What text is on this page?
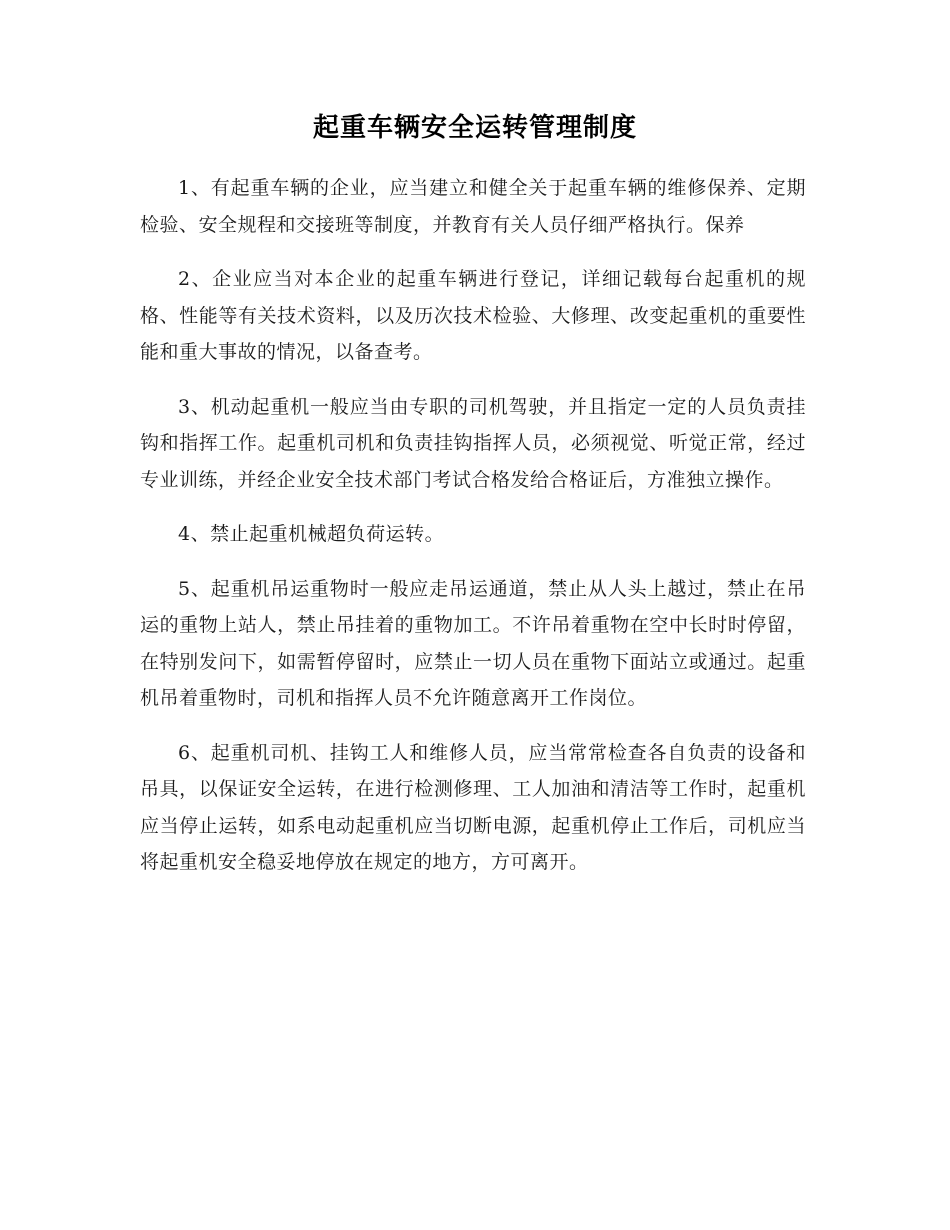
起重车辆安全运转管理制度

1、有起重车辆的企业，应当建立和健全关于起重车辆的维修保养、定期检验、安全规程和交接班等制度，并教育有关人员仔细严格执行。保养

2、企业应当对本企业的起重车辆进行登记，详细记载每台起重机的规格、性能等有关技术资料，以及历次技术检验、大修理、改变起重机的重要性能和重大事故的情况，以备查考。

3、机动起重机一般应当由专职的司机驾驶，并且指定一定的人员负责挂钩和指挥工作。起重机司机和负责挂钩指挥人员，必须视觉、听觉正常，经过专业训练，并经企业安全技术部门考试合格发给合格证后，方准独立操作。

4、禁止起重机械超负荷运转。

5、起重机吊运重物时一般应走吊运通道，禁止从人头上越过，禁止在吊运的重物上站人，禁止吊挂着的重物加工。不许吊着重物在空中长时时停留，在特别发问下，如需暂停留时，应禁止一切人员在重物下面站立或通过。起重机吊着重物时，司机和指挥人员不允许随意离开工作岗位。

6、起重机司机、挂钩工人和维修人员，应当常常检查各自负责的设备和吊具，以保证安全运转，在进行检测修理、工人加油和清洁等工作时，起重机应当停止运转，如系电动起重机应当切断电源，起重机停止工作后，司机应当将起重机安全稳妥地停放在规定的地方，方可离开。
